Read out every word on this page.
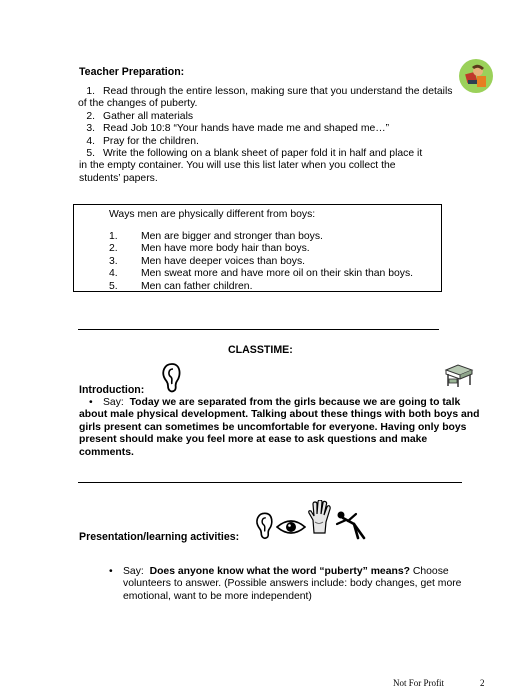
Teacher Preparation:
1. Read through the entire lesson, making sure that you understand the details
of the changes of puberty.
2. Gather all materials
3. Read Job 10:8 “Your hands have made me and shaped me…”
4. Pray for the children.
5. Write the following on a blank sheet of paper fold it in half and place it
in the empty container. You will use this list later when you collect the
students’ papers.
Ways men are physically different from boys:
1. Men are bigger and stronger than boys.
2. Men have more body hair than boys.
3. Men have deeper voices than boys.
4. Men sweat more and have more oil on their skin than boys.
5. Men can father children.
CLASSTIME:
Introduction:
• Say: Today we are separated from the girls because we are going to talk
about male physical development. Talking about these things with both boys and
girls present can sometimes be uncomfortable for everyone. Having only boys
present should make you feel more at ease to ask questions and make
comments.
Presentation/learning activities:
• Say: Does anyone know what the word “puberty” means? Choose
volunteers to answer. (Possible answers include: body changes, get more
emotional, want to be more independent)
Not For Profit	2
